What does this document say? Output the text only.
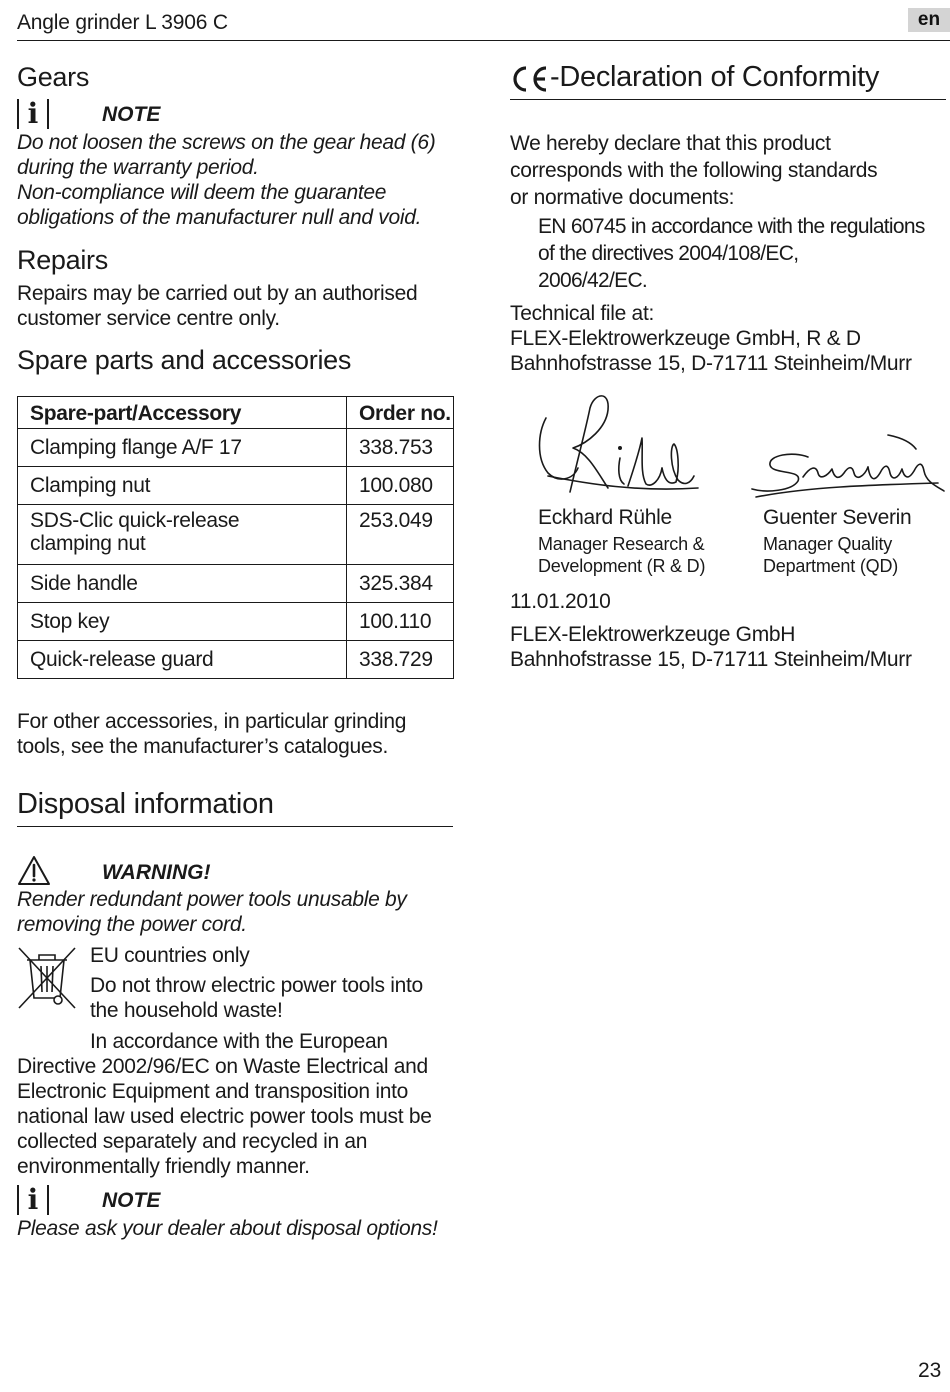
Angle grinder L 3906 C	en
Gears
i	NOTE
Do not loosen the screws on the gear head (6)
during the warranty period.
Non-compliance will deem the guarantee
obligations of the manufacturer null and void.
Repairs
Repairs may be carried out by an authorised
customer service centre only.
Spare parts and accessories
Spare-part/Accessory	Order no.
Clamping flange A/F 17	338.753
Clamping nut	100.080

SDS-Clic quick-release
clamping nut	253.049
Side handle	325.384
Stop key	100.110
Quick-release guard	338.729
For other accessories, in particular grinding
tools, see the manufacturer’s catalogues.
Disposal information
WARNING!
Render redundant power tools unusable by
removing the power cord.
EU countries only
Do not throw electric power tools into
the household waste!
In accordance with the European
Directive 2002/96/EC on Waste Electrical and
Electronic Equipment and transposition into
national law used electric power tools must be
collected separately and recycled in an
environmentally friendly manner.
i	NOTE
Please ask your dealer about disposal options!
-Declaration of Conformity
We hereby declare that this product
corresponds with the following standards
or normative documents:
EN 60745 in accordance with the regulations
of the directives 2004/108/EC,
2006/42/EC.
Technical file at:
FLEX-Elektrowerkzeuge GmbH, R & D
Bahnhofstrasse 15, D-71711 Steinheim/Murr
Eckhard Rühle
Manager Research &
Development (R & D)
Guenter Severin
Manager Quality
Department (QD)
11.01.2010
FLEX-Elektrowerkzeuge GmbH
Bahnhofstrasse 15, D-71711 Steinheim/Murr
23
